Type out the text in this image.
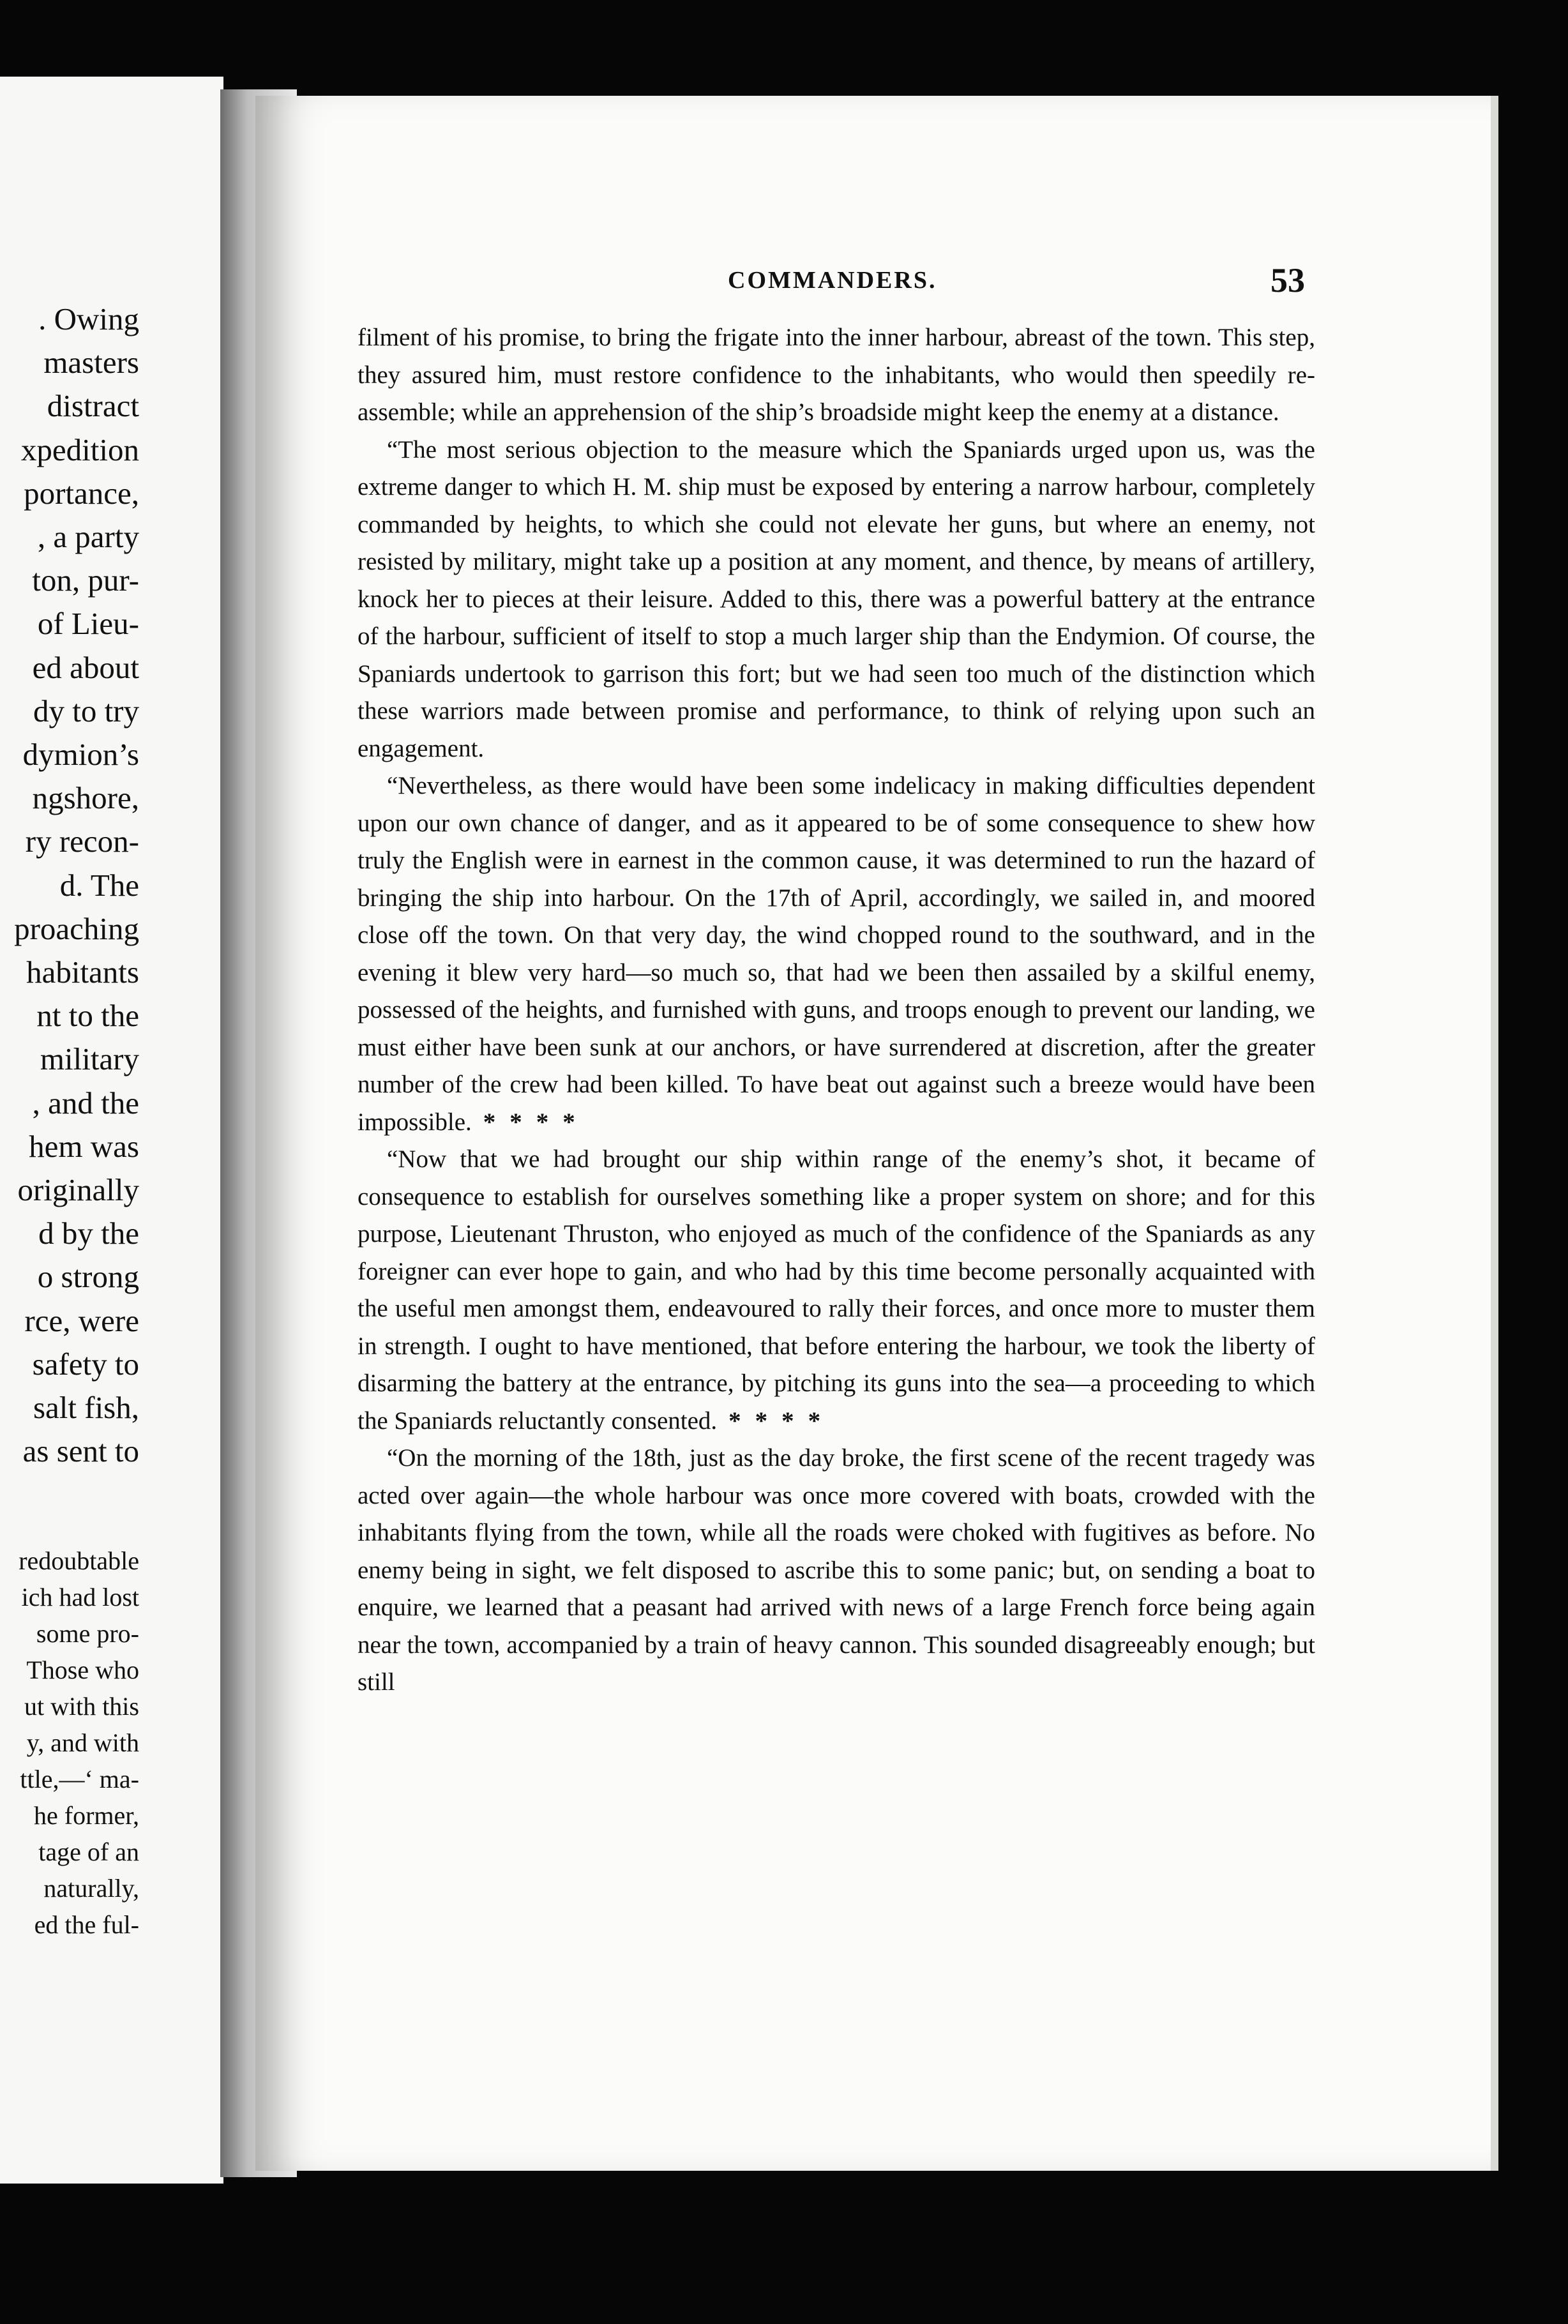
. Owing
masters
distract
xpedition
portance,
, a party
ton, pur-
of Lieu-
ed about
dy to try
dymion’s
ngshore,
ry recon-
d. The
proaching
habitants
nt to the
military
, and the
hem was
originally
d by the
o strong
rce, were
safety to
salt fish,
as sent to
redoubtable
ich had lost
some pro-
Those who
ut with this
y, and with
ttle,—‘ ma-
he former,
tage of an
naturally,
ed the ful-
COMMANDERS.	53

filment of his promise, to bring the frigate into the inner harbour, abreast of the town. This step, they assured him, must restore confidence to the inhabitants, who would then speedily re-assemble; while an apprehension of the ship’s broadside might keep the enemy at a distance.

“The most serious objection to the measure which the Spaniards urged upon us, was the extreme danger to which H. M. ship must be exposed by entering a narrow harbour, completely commanded by heights, to which she could not elevate her guns, but where an enemy, not resisted by military, might take up a position at any moment, and thence, by means of artillery, knock her to pieces at their leisure. Added to this, there was a powerful battery at the entrance of the harbour, sufficient of itself to stop a much larger ship than the Endymion. Of course, the Spaniards undertook to garrison this fort; but we had seen too much of the distinction which these warriors made between promise and performance, to think of relying upon such an engagement.

“Nevertheless, as there would have been some indelicacy in making difficulties dependent upon our own chance of danger, and as it appeared to be of some consequence to shew how truly the English were in earnest in the common cause, it was determined to run the hazard of bringing the ship into harbour. On the 17th of April, accordingly, we sailed in, and moored close off the town. On that very day, the wind chopped round to the southward, and in the evening it blew very hard—so much so, that had we been then assailed by a skilful enemy, possessed of the heights, and furnished with guns, and troops enough to prevent our landing, we must either have been sunk at our anchors, or have surrendered at discretion, after the greater number of the crew had been killed. To have beat out against such a breeze would have been impossible. ****

“Now that we had brought our ship within range of the enemy’s shot, it became of consequence to establish for ourselves something like a proper system on shore; and for this purpose, Lieutenant Thruston, who enjoyed as much of the confidence of the Spaniards as any foreigner can ever hope to gain, and who had by this time become personally acquainted with the useful men amongst them, endeavoured to rally their forces, and once more to muster them in strength. I ought to have mentioned, that before entering the harbour, we took the liberty of disarming the battery at the entrance, by pitching its guns into the sea—a proceeding to which the Spaniards reluctantly consented. ****

“On the morning of the 18th, just as the day broke, the first scene of the recent tragedy was acted over again—the whole harbour was once more covered with boats, crowded with the inhabitants flying from the town, while all the roads were choked with fugitives as before. No enemy being in sight, we felt disposed to ascribe this to some panic; but, on sending a boat to enquire, we learned that a peasant had arrived with news of a large French force being again near the town, accompanied by a train of heavy cannon. This sounded disagreeably enough; but still
